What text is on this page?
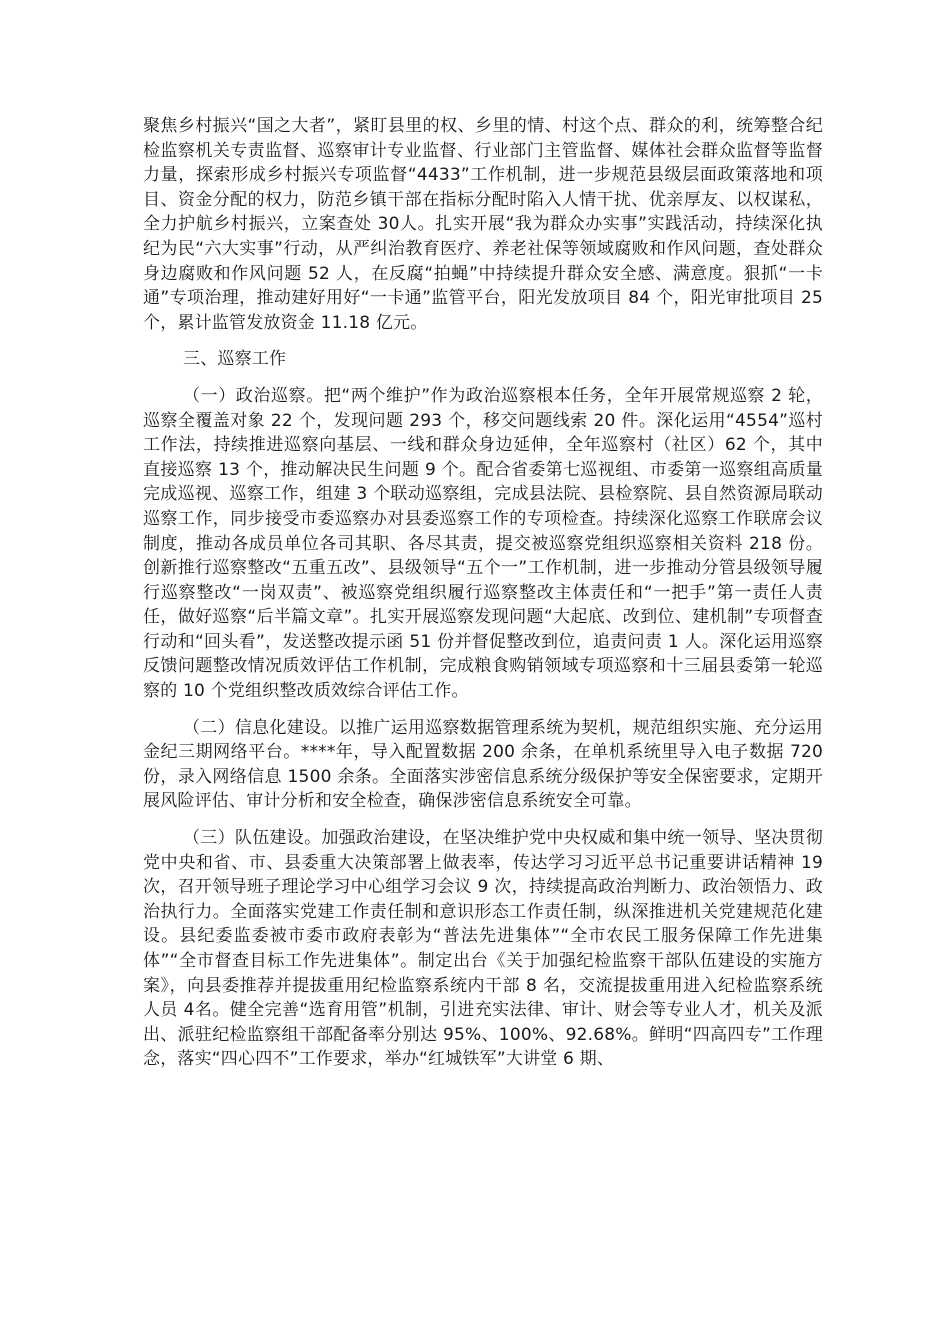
聚焦乡村振兴“国之大者”，紧盯县里的权、乡里的情、村这个点、群众的利，统筹整合纪检监察机关专责监督、巡察审计专业监督、行业部门主管监督、媒体社会群众监督等监督力量，探索形成乡村振兴专项监督“4433”工作机制，进一步规范县级层面政策落地和项目、资金分配的权力，防范乡镇干部在指标分配时陷入人情干扰、优亲厚友、以权谋私，全力护航乡村振兴，立案查处 30人。扎实开展“我为群众办实事”实践活动，持续深化执纪为民“六大实事”行动，从严纠治教育医疗、养老社保等领域腐败和作风问题，查处群众身边腐败和作风问题 52 人，在反腐“拍蝇”中持续提升群众安全感、满意度。狠抓“一卡通”专项治理，推动建好用好“一卡通”监管平台，阳光发放项目 84 个，阳光审批项目 25 个，累计监管发放资金 11.18 亿元。

三、巡察工作

（一）政治巡察。把“两个维护”作为政治巡察根本任务，全年开展常规巡察 2 轮，巡察全覆盖对象 22 个，发现问题 293 个，移交问题线索 20 件。深化运用“4554”巡村工作法，持续推进巡察向基层、一线和群众身边延伸，全年巡察村（社区）62 个，其中直接巡察 13 个，推动解决民生问题 9 个。配合省委第七巡视组、市委第一巡察组高质量完成巡视、巡察工作，组建 3 个联动巡察组，完成县法院、县检察院、县自然资源局联动巡察工作，同步接受市委巡察办对县委巡察工作的专项检查。持续深化巡察工作联席会议制度，推动各成员单位各司其职、各尽其责，提交被巡察党组织巡察相关资料 218 份。创新推行巡察整改“五重五改”、县级领导“五个一”工作机制，进一步推动分管县级领导履行巡察整改“一岗双责”、被巡察党组织履行巡察整改主体责任和“一把手”第一责任人责任，做好巡察“后半篇文章”。扎实开展巡察发现问题“大起底、改到位、建机制”专项督查行动和“回头看”，发送整改提示函 51 份并督促整改到位，追责问责 1 人。深化运用巡察反馈问题整改情况质效评估工作机制，完成粮食购销领域专项巡察和十三届县委第一轮巡察的 10 个党组织整改质效综合评估工作。

（二）信息化建设。以推广运用巡察数据管理系统为契机，规范组织实施、充分运用金纪三期网络平台。****年，导入配置数据 200 余条，在单机系统里导入电子数据 720 份，录入网络信息 1500 余条。全面落实涉密信息系统分级保护等安全保密要求，定期开展风险评估、审计分析和安全检查，确保涉密信息系统安全可靠。

（三）队伍建设。加强政治建设，在坚决维护党中央权威和集中统一领导、坚决贯彻党中央和省、市、县委重大决策部署上做表率，传达学习习近平总书记重要讲话精神 19 次，召开领导班子理论学习中心组学习会议 9 次，持续提高政治判断力、政治领悟力、政治执行力。全面落实党建工作责任制和意识形态工作责任制，纵深推进机关党建规范化建设。县纪委监委被市委市政府表彰为“普法先进集体”“全市农民工服务保障工作先进集体”“全市督查目标工作先进集体”。制定出台《关于加强纪检监察干部队伍建设的实施方案》，向县委推荐并提拔重用纪检监察系统内干部 8 名，交流提拔重用进入纪检监察系统人员 4名。健全完善“选育用管”机制，引进充实法律、审计、财会等专业人才，机关及派出、派驻纪检监察组干部配备率分别达 95%、100%、92.68%。鲜明“四高四专”工作理念，落实“四心四不”工作要求，举办“红城铁军”大讲堂 6 期、
